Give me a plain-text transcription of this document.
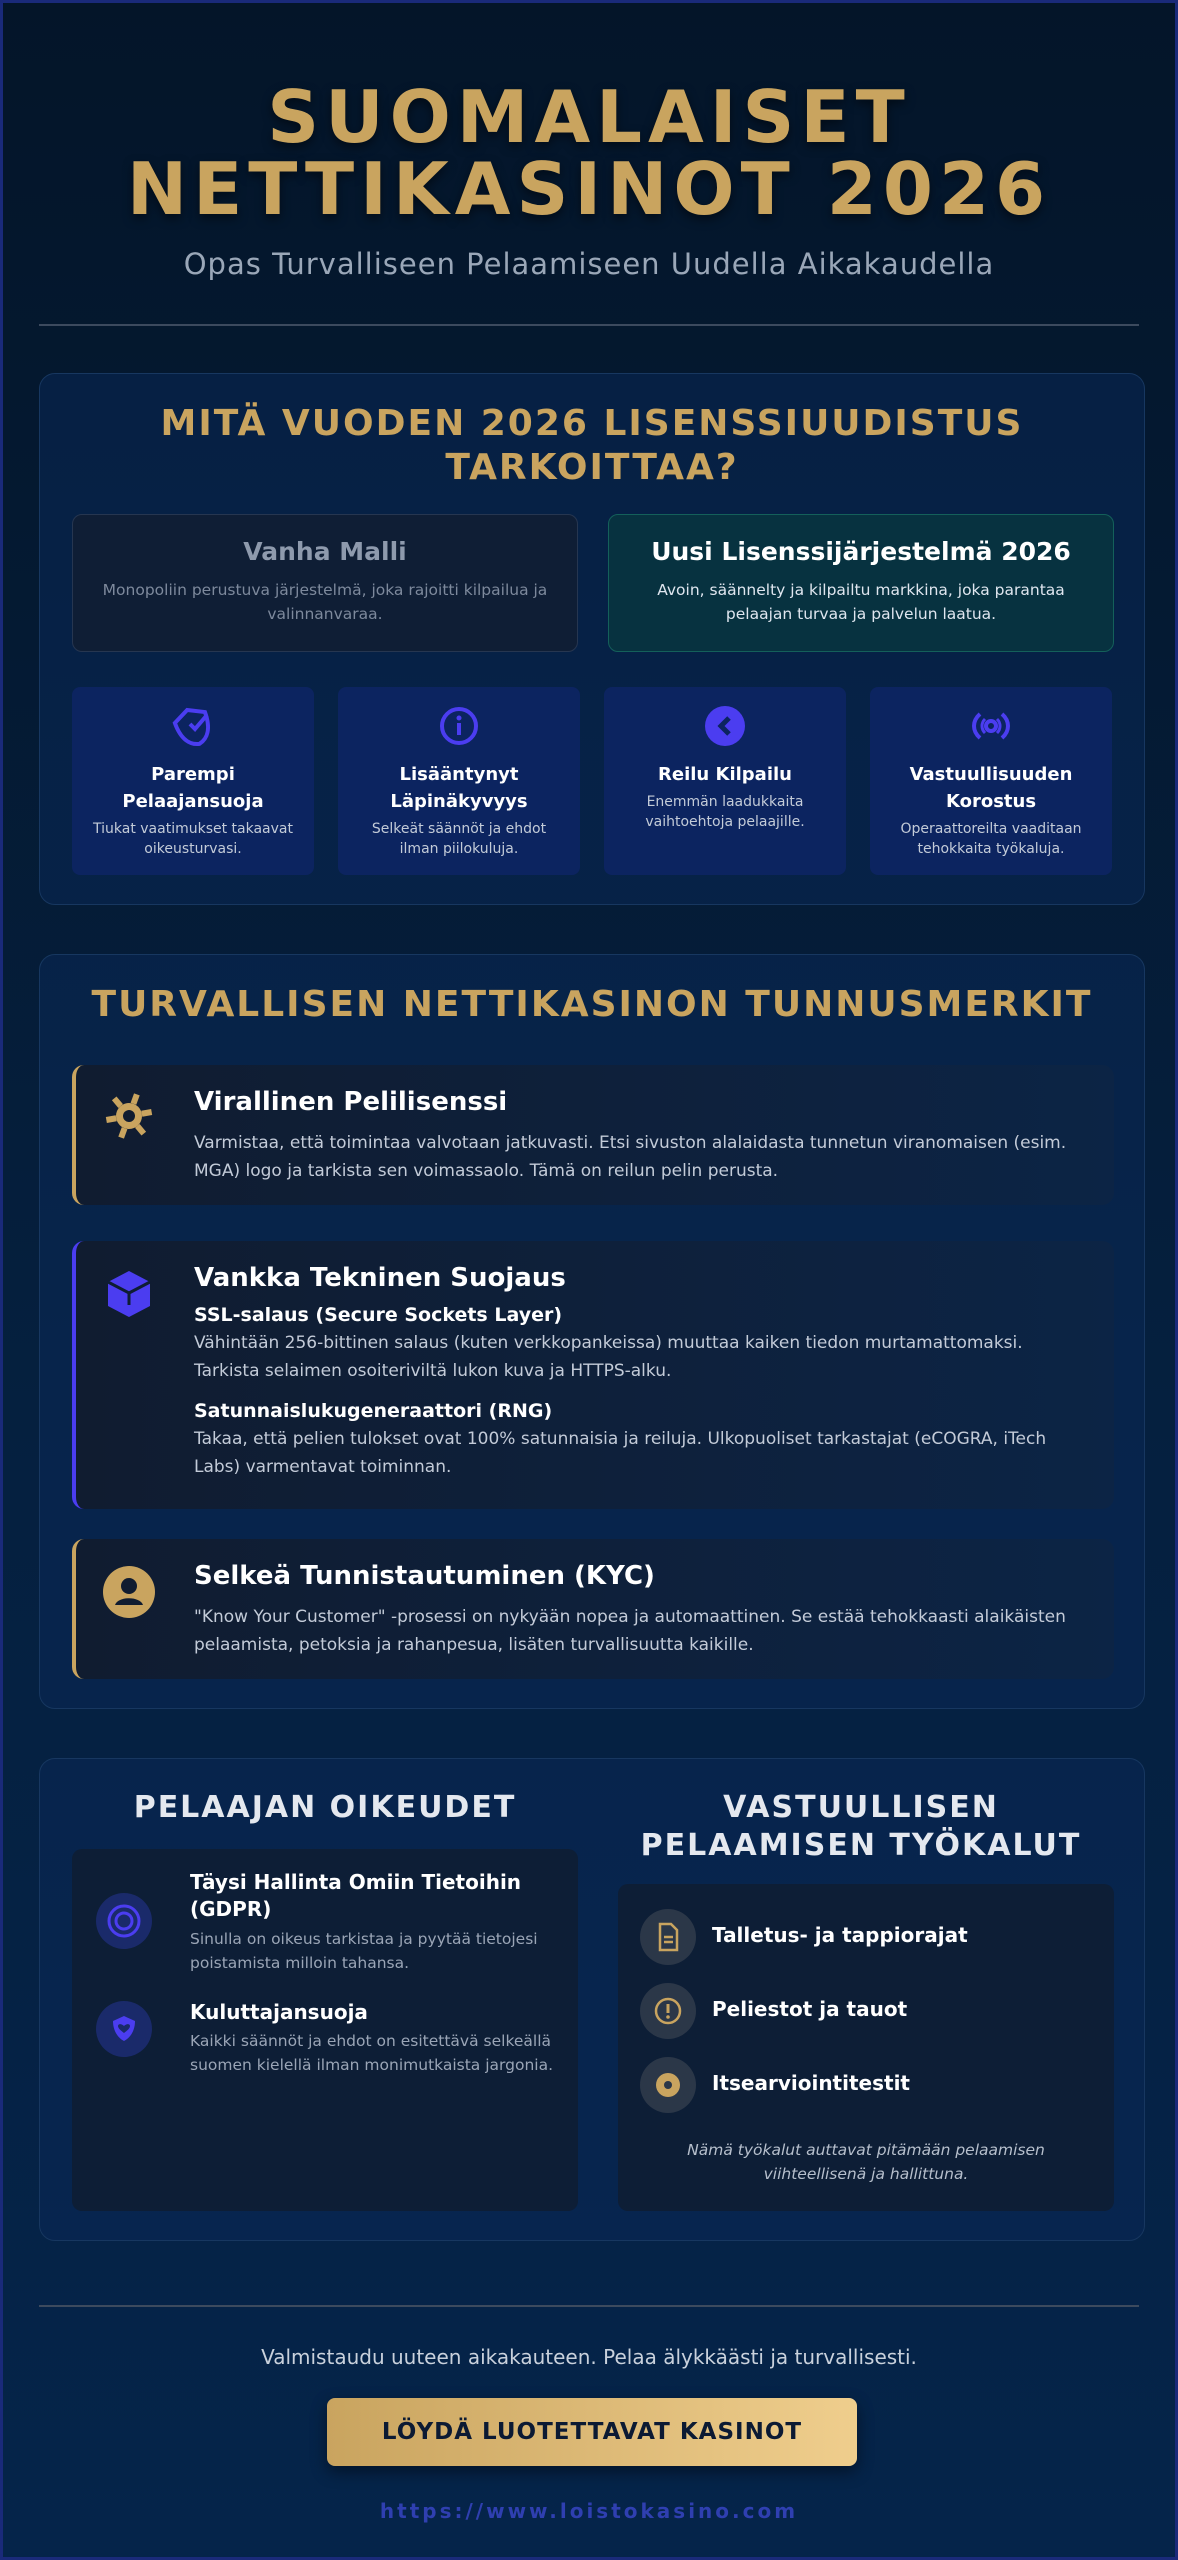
SUOMALAISET
NETTIKASINOT 2026
Opas Turvalliseen Pelaamiseen Uudella Aikakaudella
MITÄ VUODEN 2026 LISENSSIUUDISTUS
TARKOITTAA?
Vanha Malli
Monopoliin perustuva järjestelmä, joka rajoitti kilpailua ja valinnanvaraa.
Uusi Lisenssijärjestelmä 2026
Avoin, säännelty ja kilpailtu markkina, joka parantaa pelaajan turvaa ja palvelun laatua.
Parempi Pelaajansuoja
Tiukat vaatimukset takaavat oikeusturvasi.
Lisääntynyt Läpinäkyvyys
Selkeät säännöt ja ehdot ilman piilokuluja.
Reilu Kilpailu
Enemmän laadukkaita vaihtoehtoja pelaajille.
Vastuullisuuden Korostus
Operaattoreilta vaaditaan tehokkaita työkaluja.
TURVALLISEN NETTIKASINON TUNNUSMERKIT
Virallinen Pelilisenssi
Varmistaa, että toimintaa valvotaan jatkuvasti. Etsi sivuston alalaidasta tunnetun viranomaisen (esim. MGA) logo ja tarkista sen voimassaolo. Tämä on reilun pelin perusta.
Vankka Tekninen Suojaus
SSL-salaus (Secure Sockets Layer)
Vähintään 256-bittinen salaus (kuten verkkopankeissa) muuttaa kaiken tiedon murtamattomaksi. Tarkista selaimen osoiteriviltä lukon kuva ja HTTPS-alku.
Satunnaislukugeneraattori (RNG)
Takaa, että pelien tulokset ovat 100% satunnaisia ja reiluja. Ulkopuoliset tarkastajat (eCOGRA, iTech Labs) varmentavat toiminnan.
Selkeä Tunnistautuminen (KYC)
"Know Your Customer" -prosessi on nykyään nopea ja automaattinen. Se estää tehokkaasti alaikäisten pelaamista, petoksia ja rahanpesua, lisäten turvallisuutta kaikille.
PELAAJAN OIKEUDET
Täysi Hallinta Omiin Tietoihin (GDPR)
Sinulla on oikeus tarkistaa ja pyytää tietojesi poistamista milloin tahansa.
Kuluttajansuoja
Kaikki säännöt ja ehdot on esitettävä selkeällä suomen kielellä ilman monimutkaista jargonia.
VASTUULLISEN
PELAAMISEN TYÖKALUT
Talletus- ja tappiorajat
Peliestot ja tauot
Itsearviointitestit
Nämä työkalut auttavat pitämään pelaamisen viihteellisenä ja hallittuna.
Valmistaudu uuteen aikakauteen. Pelaa älykkäästi ja turvallisesti.
LÖYDÄ LUOTETTAVAT KASINOT
https://www.loistokasino.com
